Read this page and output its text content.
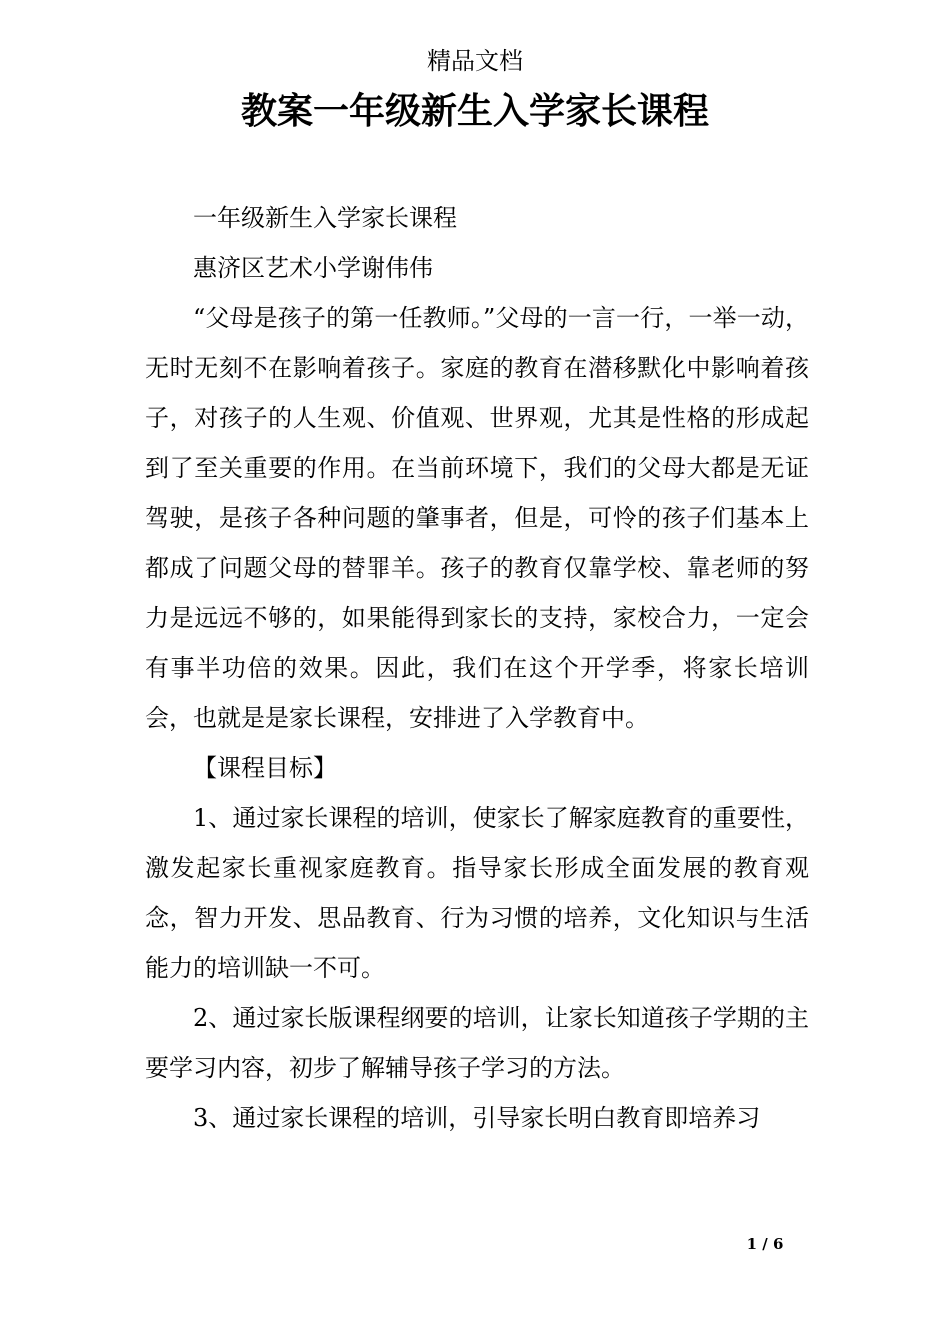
精品文档
教案一年级新生入学家长课程

一年级新生入学家长课程

惠济区艺术小学谢伟伟

“父母是孩子的第一任教师。”父母的一言一行，一举一动，无时无刻不在影响着孩子。家庭的教育在潜移默化中影响着孩子，对孩子的人生观、价值观、世界观，尤其是性格的形成起到了至关重要的作用。在当前环境下，我们的父母大都是无证驾驶，是孩子各种问题的肇事者，但是，可怜的孩子们基本上都成了问题父母的替罪羊。孩子的教育仅靠学校、靠老师的努力是远远不够的，如果能得到家长的支持，家校合力，一定会有事半功倍的效果。因此，我们在这个开学季，将家长培训会，也就是是家长课程，安排进了入学教育中。

【课程目标】

1、通过家长课程的培训，使家长了解家庭教育的重要性，激发起家长重视家庭教育。指导家长形成全面发展的教育观念，智力开发、思品教育、行为习惯的培养，文化知识与生活能力的培训缺一不可。

2、通过家长版课程纲要的培训，让家长知道孩子学期的主要学习内容，初步了解辅导孩子学习的方法。

3、通过家长课程的培训，引导家长明白教育即培养习

1 / 6
